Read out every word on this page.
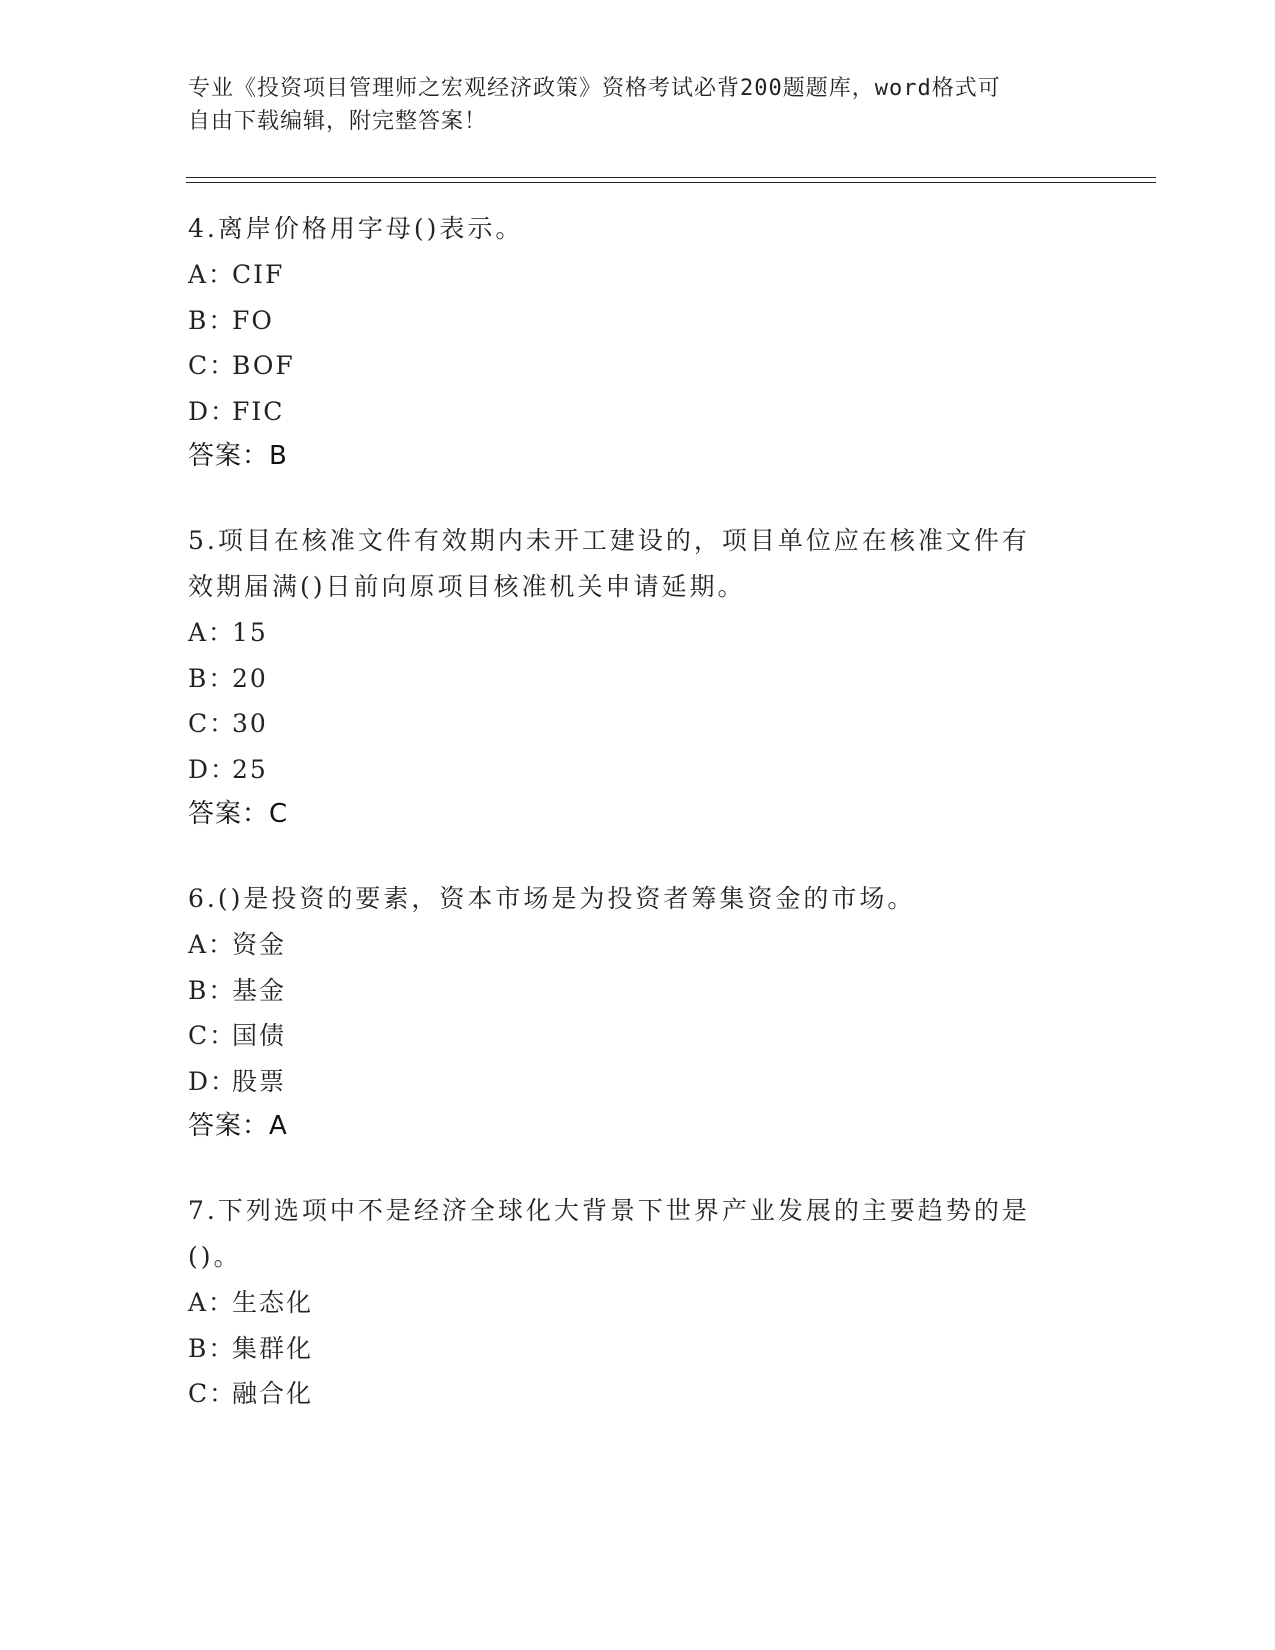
专业《投资项目管理师之宏观经济政策》资格考试必背200题题库，word格式可
自由下载编辑，附完整答案！
4.离岸价格用字母()表示。
A：CIF
B：FO
C：BOF
D：FIC
答案：B
5.项目在核准文件有效期内未开工建设的，项目单位应在核准文件有
效期届满()日前向原项目核准机关申请延期。
A：15
B：20
C：30
D：25
答案：C
6.()是投资的要素，资本市场是为投资者筹集资金的市场。
A：资金
B：基金
C：国债
D：股票
答案：A
7.下列选项中不是经济全球化大背景下世界产业发展的主要趋势的是
()。
A：生态化
B：集群化
C：融合化
